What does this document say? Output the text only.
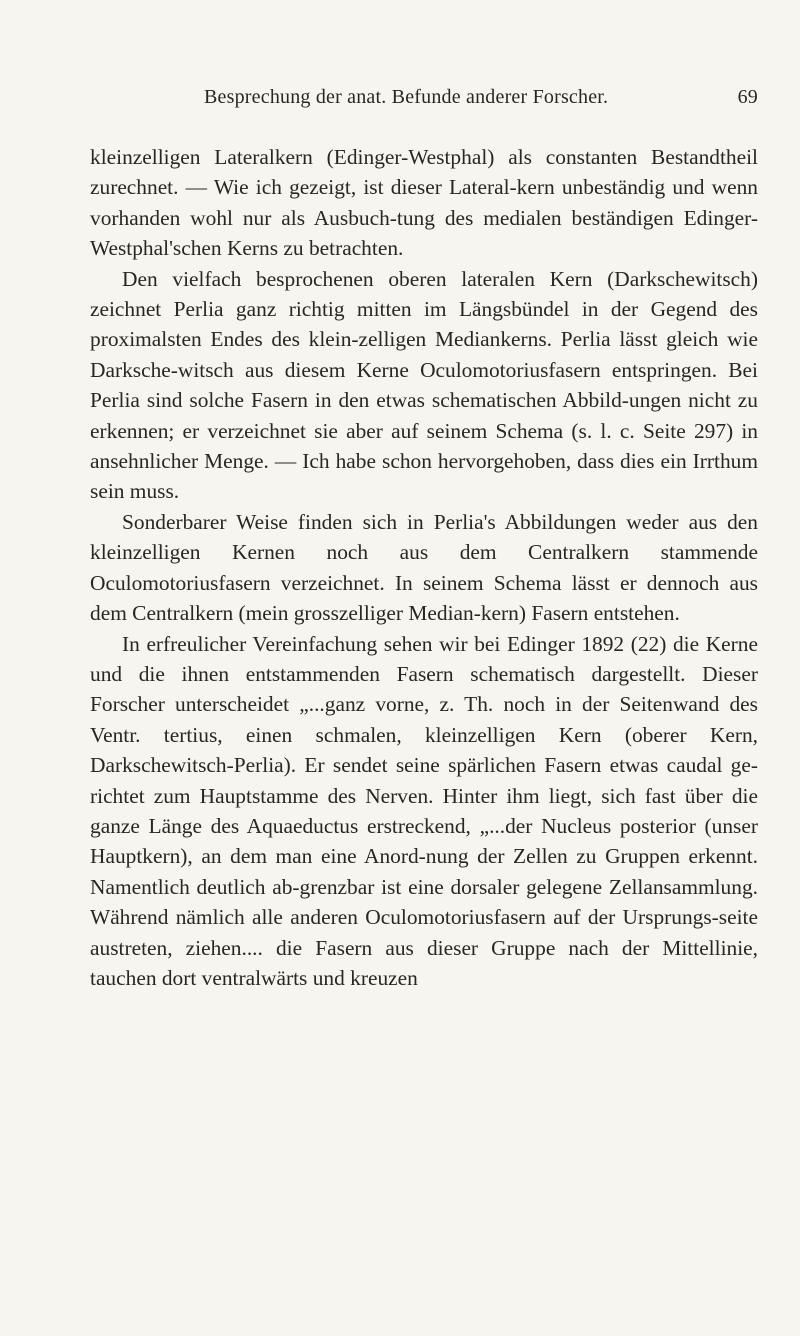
Besprechung der anat. Befunde anderer Forscher.	69

kleinzelligen Lateralkern (Edinger-Westphal) als constanten Bestandtheil zurechnet. — Wie ich gezeigt, ist dieser Lateral-kern unbeständig und wenn vorhanden wohl nur als Ausbuch-tung des medialen beständigen Edinger-Westphal'schen Kerns zu betrachten.

Den vielfach besprochenen oberen lateralen Kern (Darkschewitsch) zeichnet Perlia ganz richtig mitten im Längsbündel in der Gegend des proximalsten Endes des klein-zelligen Mediankerns. Perlia lässt gleich wie Darksche-witsch aus diesem Kerne Oculomotoriusfasern entspringen. Bei Perlia sind solche Fasern in den etwas schematischen Abbild-ungen nicht zu erkennen; er verzeichnet sie aber auf seinem Schema (s. l. c. Seite 297) in ansehnlicher Menge. — Ich habe schon hervorgehoben, dass dies ein Irrthum sein muss.

Sonderbarer Weise finden sich in Perlia's Abbildungen weder aus den kleinzelligen Kernen noch aus dem Centralkern stammende Oculomotoriusfasern verzeichnet. In seinem Schema lässt er dennoch aus dem Centralkern (mein grosszelliger Median-kern) Fasern entstehen.

In erfreulicher Vereinfachung sehen wir bei Edinger 1892 (22) die Kerne und die ihnen entstammenden Fasern schematisch dargestellt. Dieser Forscher unterscheidet „...ganz vorne, z. Th. noch in der Seitenwand des Ventr. tertius, einen schmalen, kleinzelligen Kern (oberer Kern, Darkschewitsch-Perlia). Er sendet seine spärlichen Fasern etwas caudal ge-richtet zum Hauptstamme des Nerven. Hinter ihm liegt, sich fast über die ganze Länge des Aquaeductus erstreckend, „...der Nucleus posterior (unser Hauptkern), an dem man eine Anord-nung der Zellen zu Gruppen erkennt. Namentlich deutlich ab-grenzbar ist eine dorsaler gelegene Zellansammlung. Während nämlich alle anderen Oculomotoriusfasern auf der Ursprungs-seite austreten, ziehen.... die Fasern aus dieser Gruppe nach der Mittellinie, tauchen dort ventralwärts und kreuzen
